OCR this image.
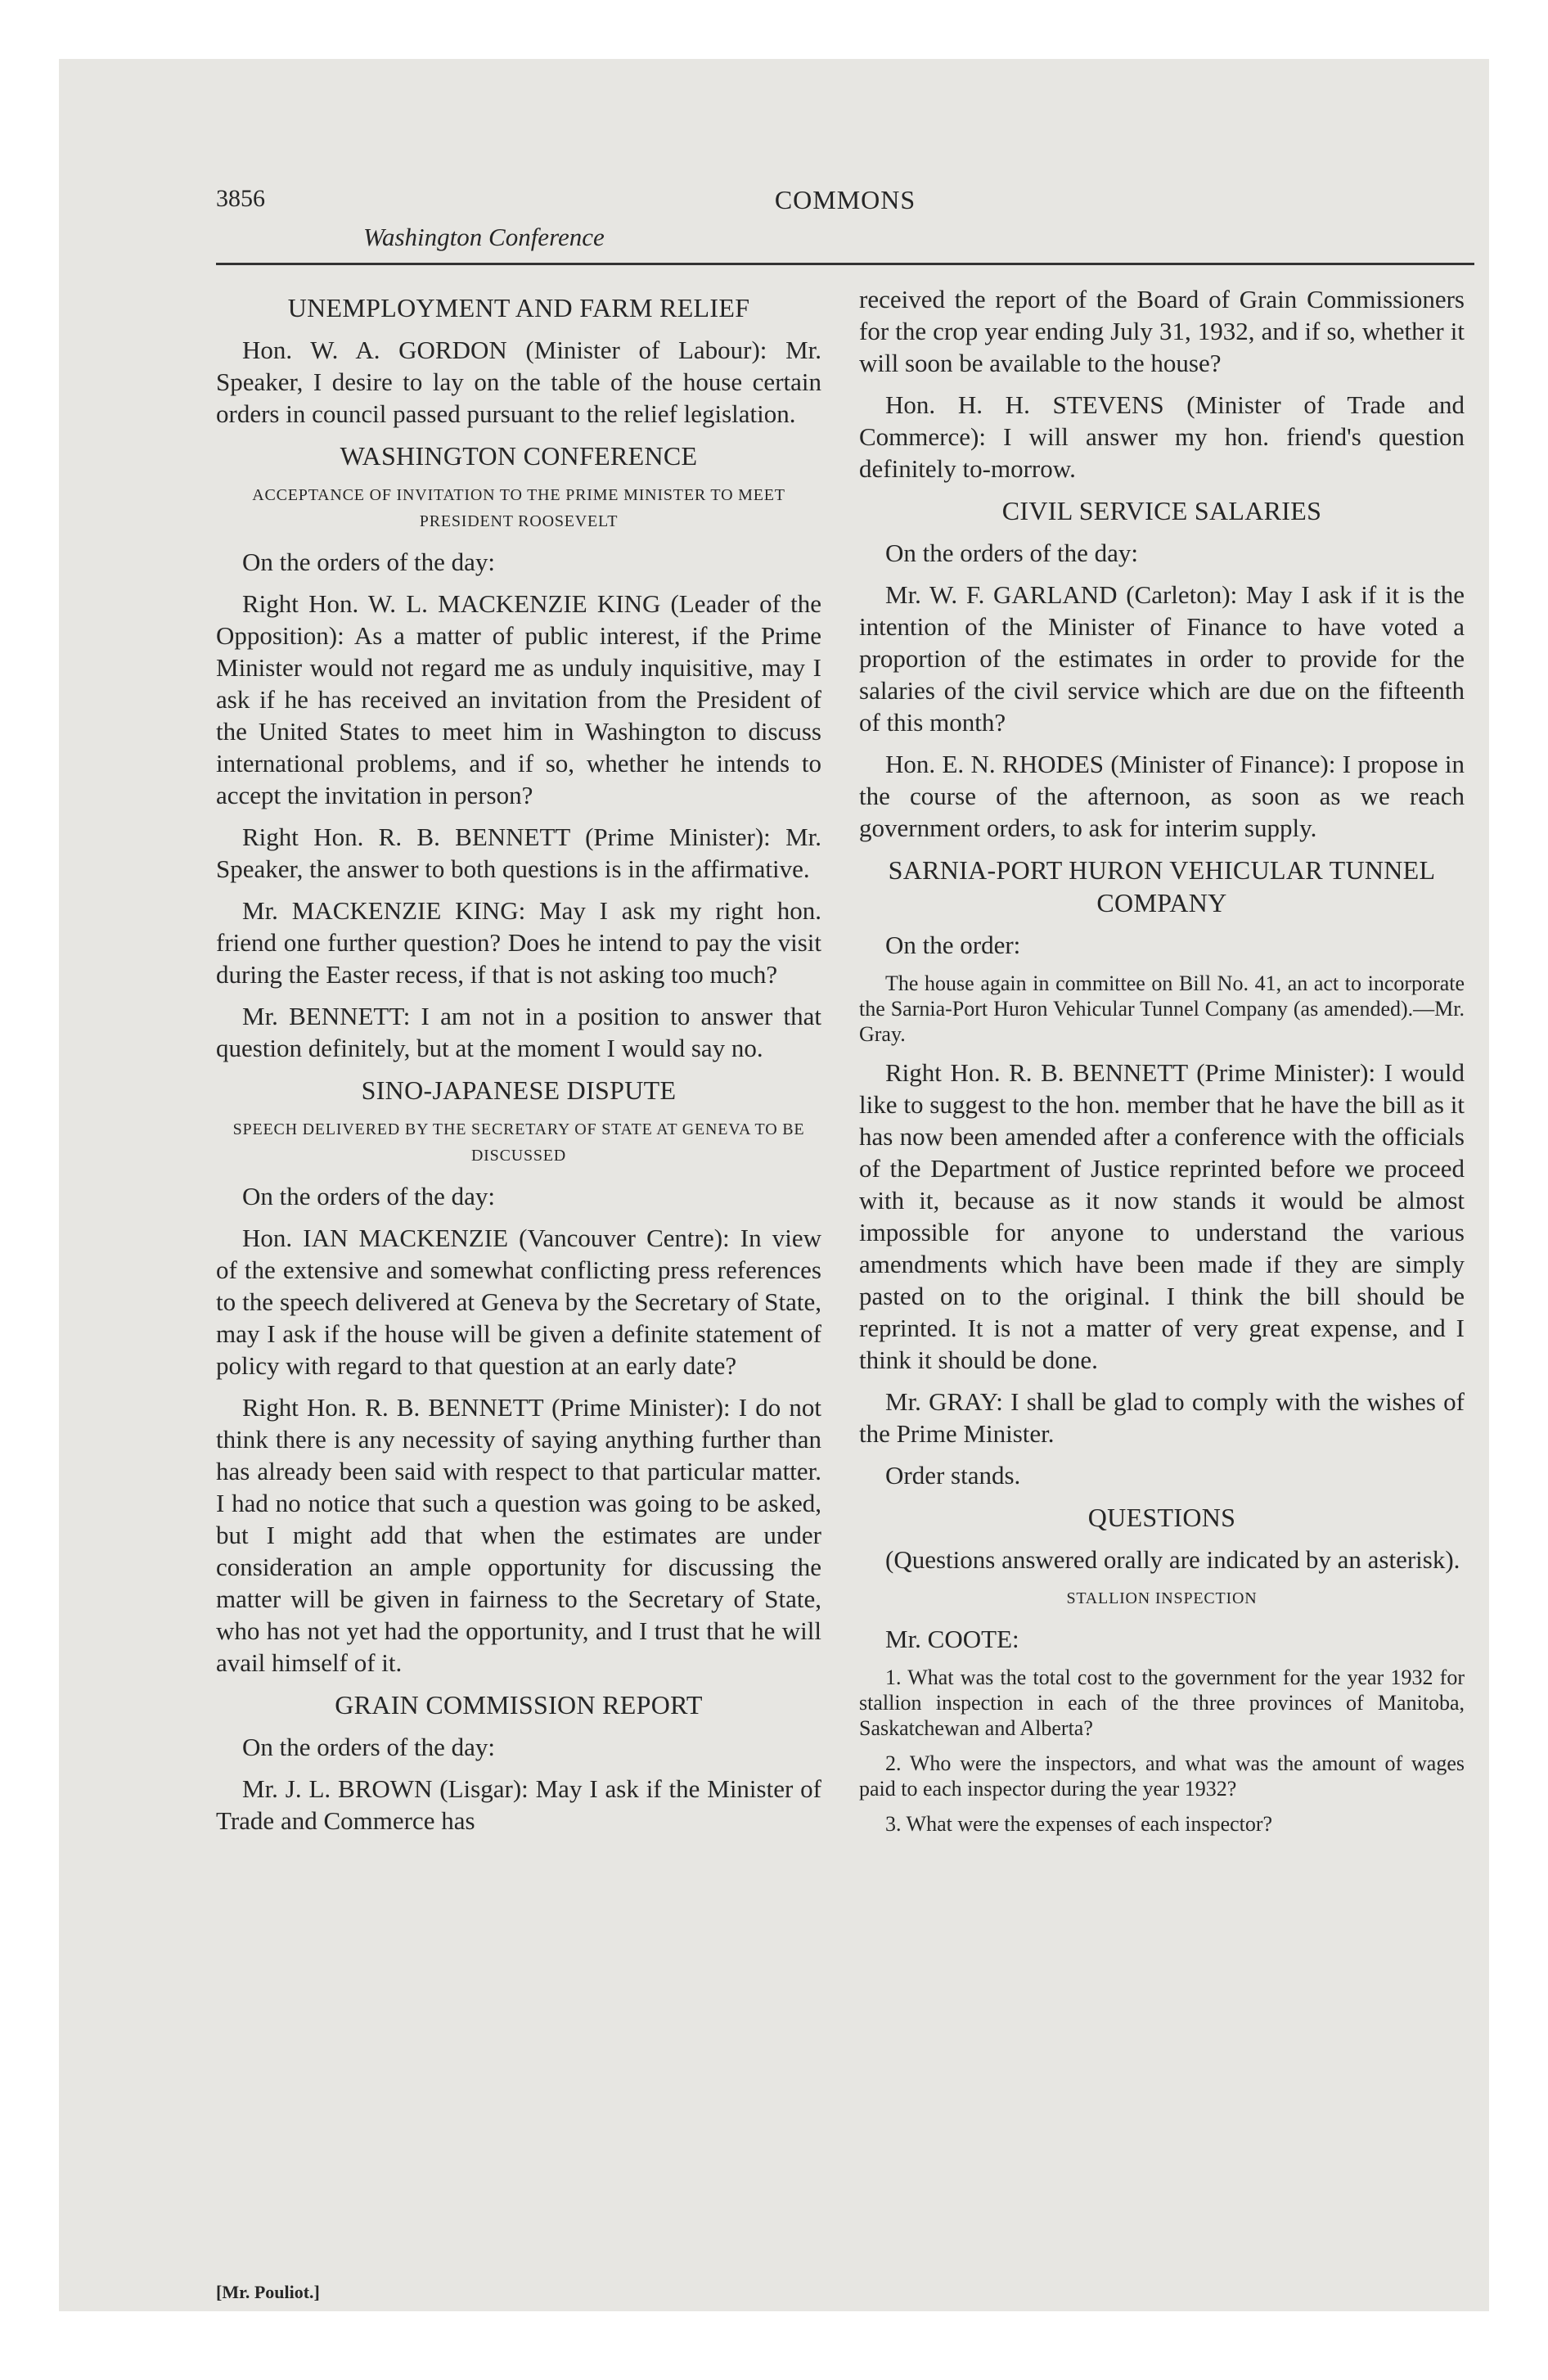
3856	COMMONS
Washington Conference
UNEMPLOYMENT AND FARM RELIEF

Hon. W. A. GORDON (Minister of Labour): Mr. Speaker, I desire to lay on the table of the house certain orders in council passed pursuant to the relief legislation.

WASHINGTON CONFERENCE
ACCEPTANCE OF INVITATION TO THE PRIME MINISTER TO MEET PRESIDENT ROOSEVELT

On the orders of the day:

Right Hon. W. L. MACKENZIE KING (Leader of the Opposition): As a matter of public interest, if the Prime Minister would not regard me as unduly inquisitive, may I ask if he has received an invitation from the President of the United States to meet him in Washington to discuss international problems, and if so, whether he intends to accept the invitation in person?

Right Hon. R. B. BENNETT (Prime Minister): Mr. Speaker, the answer to both questions is in the affirmative.

Mr. MACKENZIE KING: May I ask my right hon. friend one further question? Does he intend to pay the visit during the Easter recess, if that is not asking too much?

Mr. BENNETT: I am not in a position to answer that question definitely, but at the moment I would say no.

SINO-JAPANESE DISPUTE
SPEECH DELIVERED BY THE SECRETARY OF STATE AT GENEVA TO BE DISCUSSED

On the orders of the day:

Hon. IAN MACKENZIE (Vancouver Centre): In view of the extensive and somewhat conflicting press references to the speech delivered at Geneva by the Secretary of State, may I ask if the house will be given a definite statement of policy with regard to that question at an early date?

Right Hon. R. B. BENNETT (Prime Minister): I do not think there is any necessity of saying anything further than has already been said with respect to that particular matter. I had no notice that such a question was going to be asked, but I might add that when the estimates are under consideration an ample opportunity for discussing the matter will be given in fairness to the Secretary of State, who has not yet had the opportunity, and I trust that he will avail himself of it.

GRAIN COMMISSION REPORT

On the orders of the day:

Mr. J. L. BROWN (Lisgar): May I ask if the Minister of Trade and Commerce has

received the report of the Board of Grain Commissioners for the crop year ending July 31, 1932, and if so, whether it will soon be available to the house?

Hon. H. H. STEVENS (Minister of Trade and Commerce): I will answer my hon. friend's question definitely to-morrow.

CIVIL SERVICE SALARIES

On the orders of the day:

Mr. W. F. GARLAND (Carleton): May I ask if it is the intention of the Minister of Finance to have voted a proportion of the estimates in order to provide for the salaries of the civil service which are due on the fifteenth of this month?

Hon. E. N. RHODES (Minister of Finance): I propose in the course of the afternoon, as soon as we reach government orders, to ask for interim supply.

SARNIA-PORT HURON VEHICULAR TUNNEL COMPANY

On the order:

The house again in committee on Bill No. 41, an act to incorporate the Sarnia-Port Huron Vehicular Tunnel Company (as amended).—Mr. Gray.

Right Hon. R. B. BENNETT (Prime Minister): I would like to suggest to the hon. member that he have the bill as it has now been amended after a conference with the officials of the Department of Justice reprinted before we proceed with it, because as it now stands it would be almost impossible for anyone to understand the various amendments which have been made if they are simply pasted on to the original. I think the bill should be reprinted. It is not a matter of very great expense, and I think it should be done.

Mr. GRAY: I shall be glad to comply with the wishes of the Prime Minister.

Order stands.

QUESTIONS

(Questions answered orally are indicated by an asterisk).

STALLION INSPECTION

Mr. COOTE:

1. What was the total cost to the government for the year 1932 for stallion inspection in each of the three provinces of Manitoba, Saskatchewan and Alberta?

2. Who were the inspectors, and what was the amount of wages paid to each inspector during the year 1932?

3. What were the expenses of each inspector?

[Mr. Pouliot.]
